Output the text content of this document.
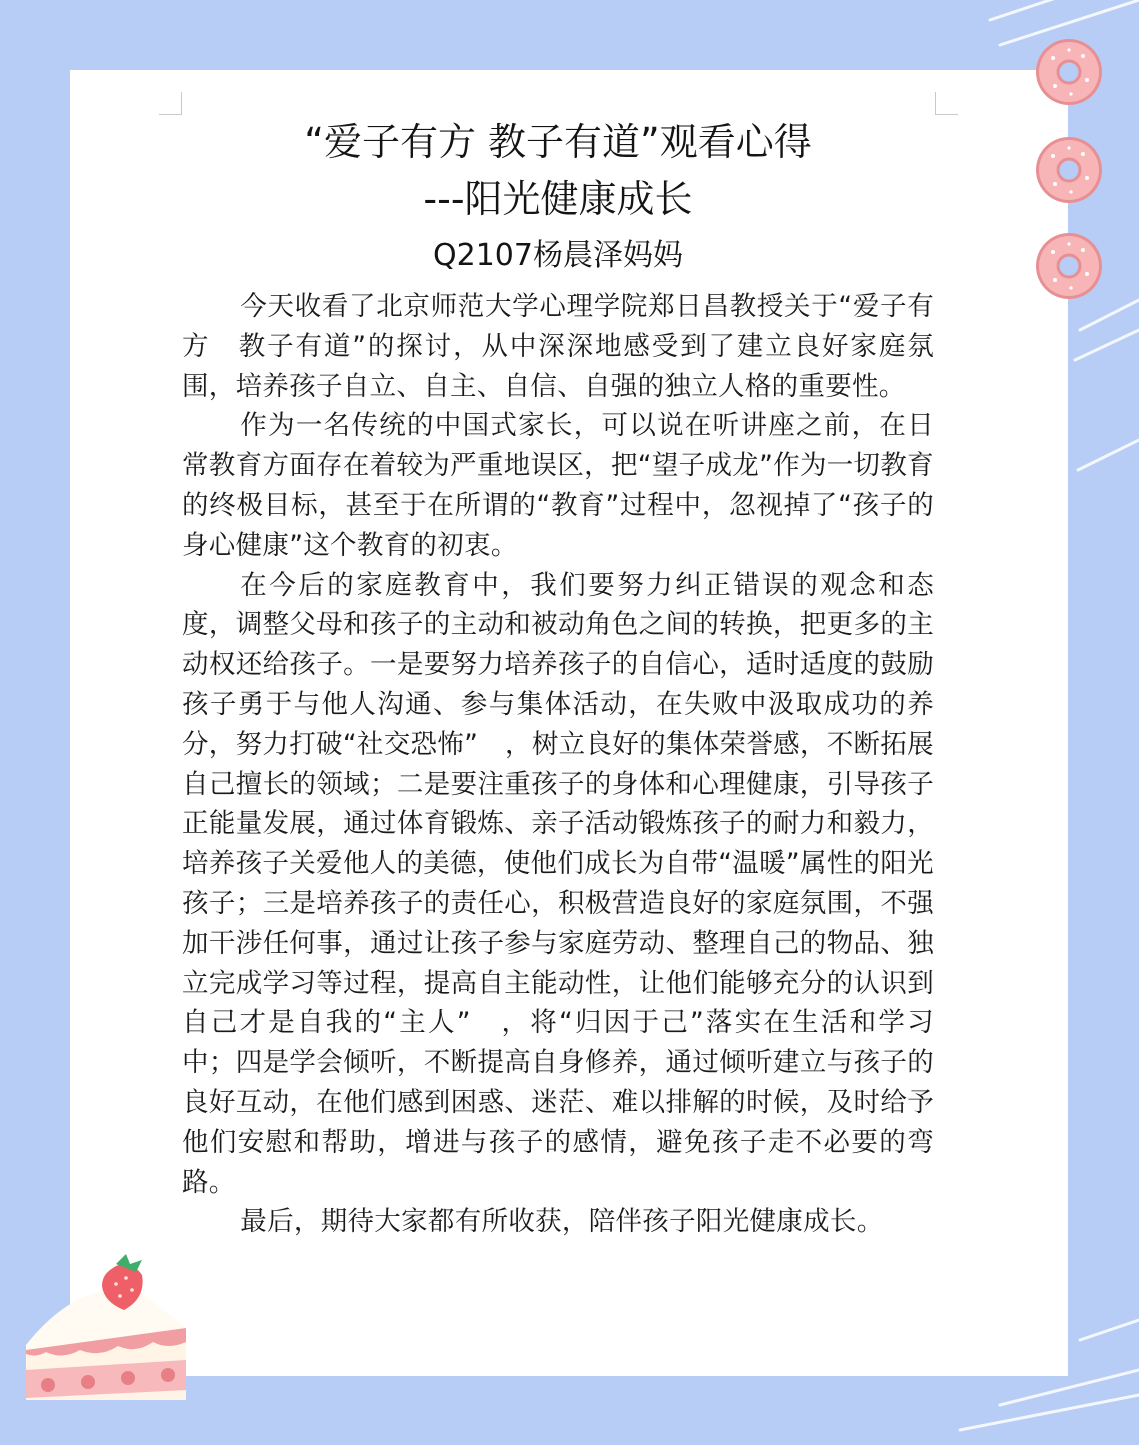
“爱子有方 教子有道”观看心得
---阳光健康成长
Q2107杨晨泽妈妈

今天收看了北京师范大学心理学院郑日昌教授关于“爱子有方　教子有道”的探讨，从中深深地感受到了建立良好家庭氛围，培养孩子自立、自主、自信、自强的独立人格的重要性。

作为一名传统的中国式家长，可以说在听讲座之前，在日常教育方面存在着较为严重地误区，把“望子成龙”作为一切教育的终极目标，甚至于在所谓的“教育”过程中，忽视掉了“孩子的身心健康”这个教育的初衷。

在今后的家庭教育中，我们要努力纠正错误的观念和态度，调整父母和孩子的主动和被动角色之间的转换，把更多的主动权还给孩子。一是要努力培养孩子的自信心，适时适度的鼓励孩子勇于与他人沟通、参与集体活动，在失败中汲取成功的养分，努力打破“社交恐怖”　，树立良好的集体荣誉感，不断拓展自己擅长的领域；二是要注重孩子的身体和心理健康，引导孩子正能量发展，通过体育锻炼、亲子活动锻炼孩子的耐力和毅力，培养孩子关爱他人的美德，使他们成长为自带“温暖”属性的阳光孩子；三是培养孩子的责任心，积极营造良好的家庭氛围，不强加干涉任何事，通过让孩子参与家庭劳动、整理自己的物品、独立完成学习等过程，提高自主能动性，让他们能够充分的认识到自己才是自我的“主人”　，将“归因于己”落实在生活和学习中；四是学会倾听，不断提高自身修养，通过倾听建立与孩子的良好互动，在他们感到困惑、迷茫、难以排解的时候，及时给予他们安慰和帮助，增进与孩子的感情，避免孩子走不必要的弯路。

最后，期待大家都有所收获，陪伴孩子阳光健康成长。
